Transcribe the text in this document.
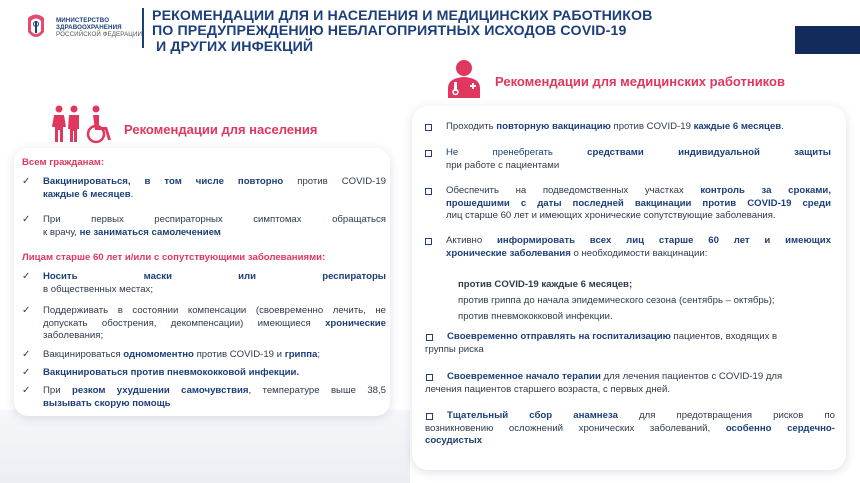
МИНИСТЕРСТВО
ЗДРАВООХРАНЕНИЯ
РОССИЙСКОЙ ФЕДЕРАЦИИ
РЕКОМЕНДАЦИИ ДЛЯ И НАСЕЛЕНИЯ И МЕДИЦИНСКИХ РАБОТНИКОВ
ПО ПРЕДУПРЕЖДЕНИЮ НЕБЛАГОПРИЯТНЫХ ИСХОДОВ COVID-19
И ДРУГИХ ИНФЕКЦИЙ
Рекомендации для населения
Рекомендации для медицинских работников
Всем гражданам:
✓ Вакцинироваться, в том числе повторно против COVID-19
каждые 6 месяцев.
✓ При первых респираторных симптомах обращаться
к врачу, не заниматься самолечением
Лицам старше 60 лет и/или с сопутствующими заболеваниями:
✓ Носить маски или респираторы
в общественных местах;
✓ Поддерживать в состоянии компенсации (своевременно лечить, не
допускать обострения, декомпенсации) имеющиеся хронические
заболевания;
✓ Вакцинироваться одномоментно против COVID-19 и гриппа;
✓ Вакцинироваться против пневмококковой инфекции.
✓ При резком ухудшении самочувствия, температуре выше 38,5
вызывать скорую помощь
Проходить повторную вакцинацию против COVID-19 каждые 6 месяцев.
Не пренебрегать средствами индивидуальной защиты
при работе с пациентами
Обеспечить на подведомственных участках контроль за сроками,
прошедшими с даты последней вакцинации против COVID-19 среди
лиц старше 60 лет и имеющих хронические сопутствующие заболевания.
Активно информировать всех лиц старше 60 лет и имеющих
хронические заболевания о необходимости вакцинации:
против COVID-19 каждые 6 месяцев;
против гриппа до начала эпидемического сезона (сентябрь – октябрь);
против пневмококковой инфекции.
Своевременно отправлять на госпитализацию пациентов, входящих в
группы риска
Своевременное начало терапии для лечения пациентов с COVID-19 для
лечения пациентов старшего возраста, с первых дней.
Тщательный сбор анамнеза для предотвращения рисков по
возникновению осложнений хронических заболеваний, особенно сердечно-
сосудистых
